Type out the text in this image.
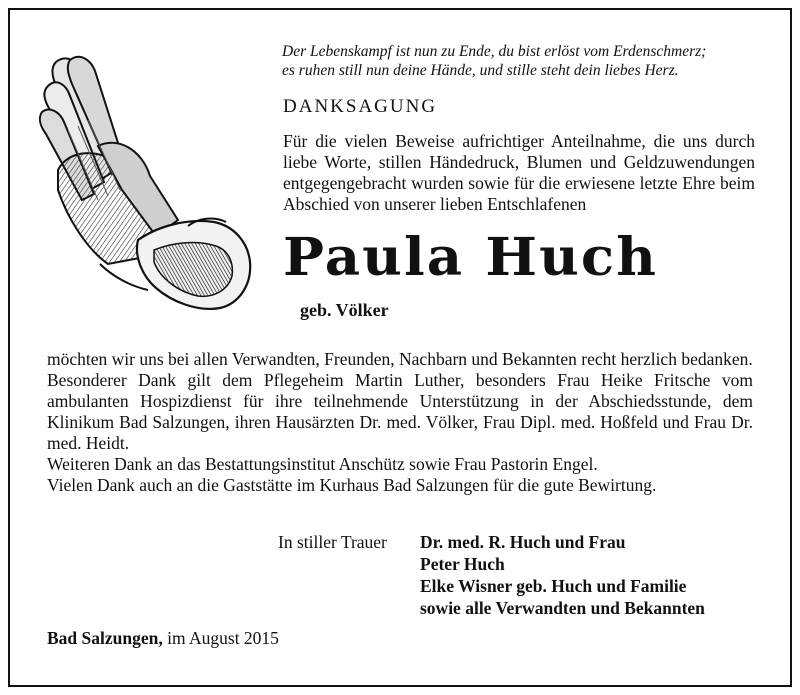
Der Lebenskampf ist nun zu Ende, du bist erlöst vom Erdenschmerz;
es ruhen still nun deine Hände, und stille steht dein liebes Herz.
DANKSAGUNG
Für die vielen Beweise aufrichtiger Anteilnahme, die uns durch liebe Worte, stillen Händedruck, Blumen und Geldzuwendungen entgegengebracht wurden sowie für die erwiesene letzte Ehre beim Abschied von unserer lieben Entschlafenen
Paula Huch
geb. Völker

möchten wir uns bei allen Verwandten, Freunden, Nachbarn und Bekannten recht herzlich bedanken.

Besonderer Dank gilt dem Pflegeheim Martin Luther, besonders Frau Heike Fritsche vom ambulanten Hospizdienst für ihre teilnehmende Unterstützung in der Abschiedsstunde, dem Klinikum Bad Salzungen, ihren Hausärzten Dr. med. Völker, Frau Dipl. med. Hoßfeld und Frau Dr. med. Heidt.

Weiteren Dank an das Bestattungsinstitut Anschütz sowie Frau Pastorin Engel.

Vielen Dank auch an die Gaststätte im Kurhaus Bad Salzungen für die gute Bewirtung.

In stiller Trauer Dr. med. R. Huch und Frau
Peter Huch
Elke Wisner geb. Huch und Familie
sowie alle Verwandten und Bekannten
Bad Salzungen, im August 2015
